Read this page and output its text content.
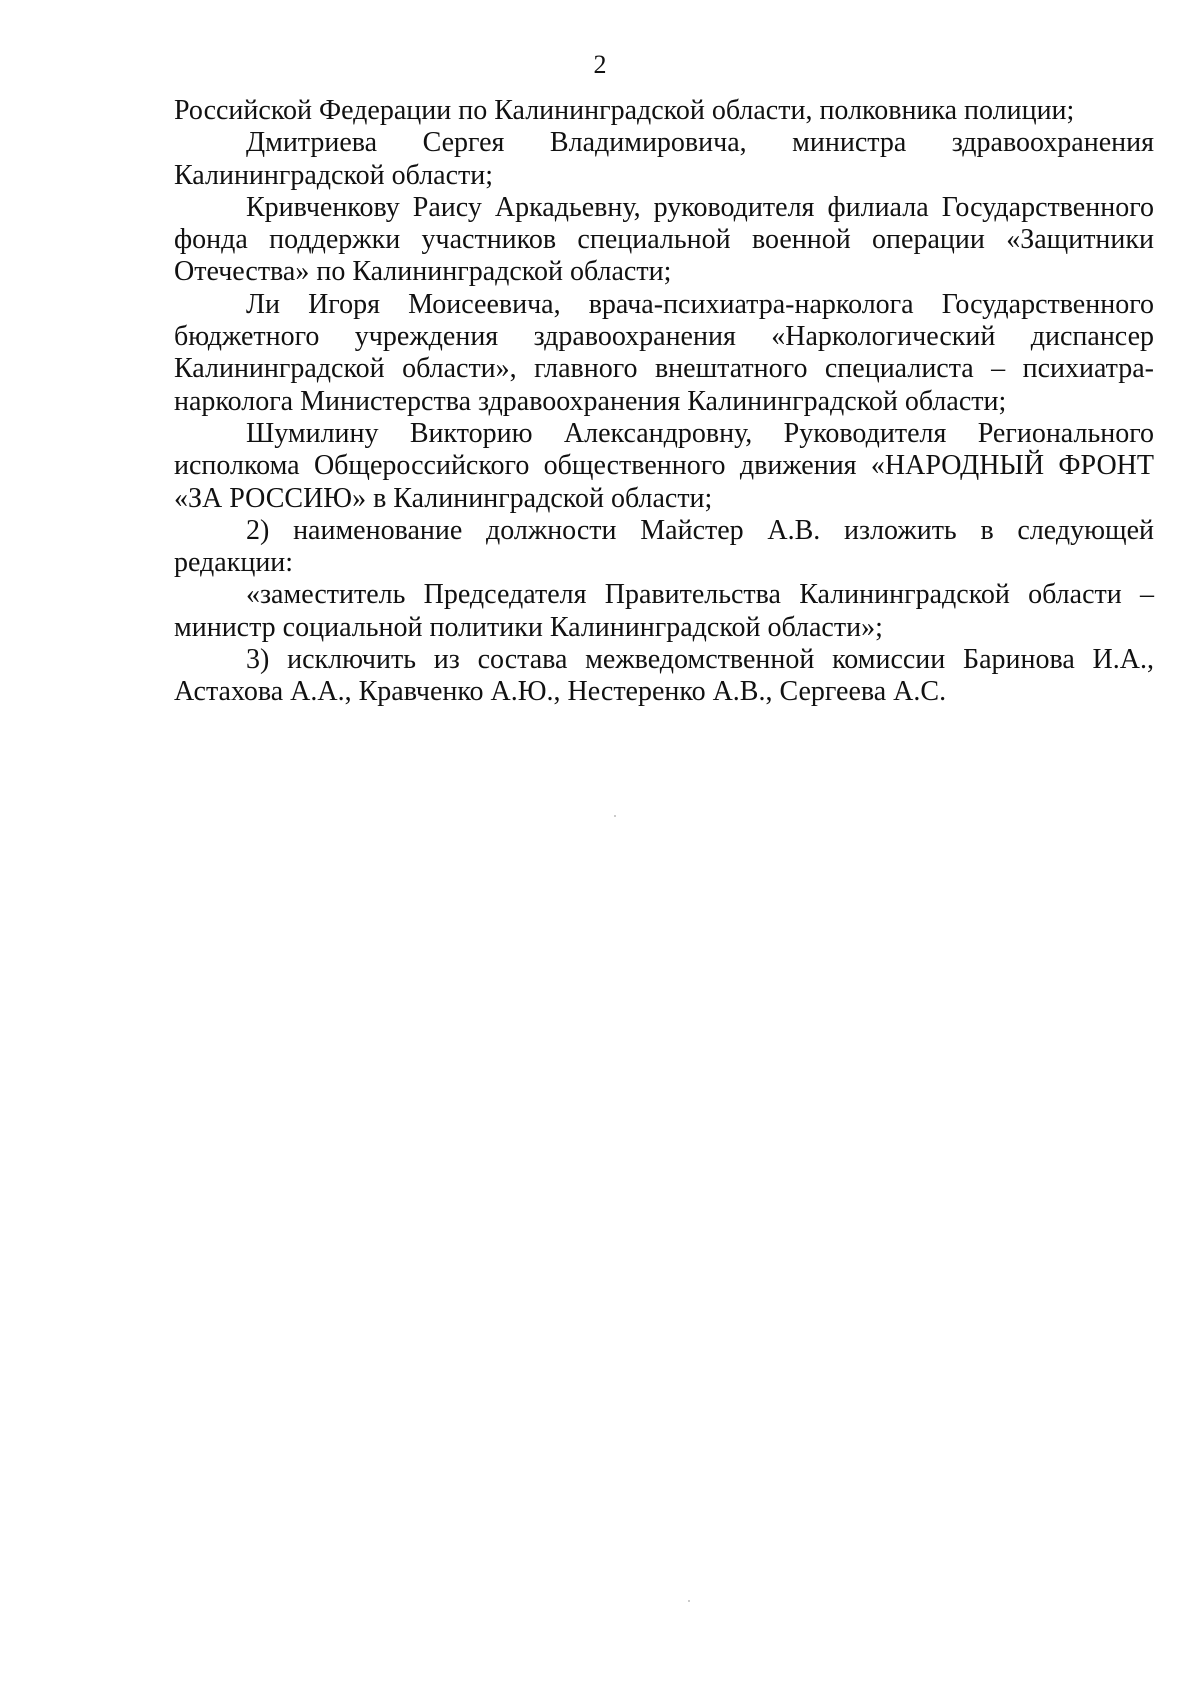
2

Российской Федерации по Калининградской области, полковника полиции;

Дмитриева Сергея Владимировича, министра здравоохранения Калининградской области;

Кривченкову Раису Аркадьевну, руководителя филиала Государственного фонда поддержки участников специальной военной операции «Защитники Отечества» по Калининградской области;

Ли Игоря Моисеевича, врача-психиатра-нарколога Государственного бюджетного учреждения здравоохранения «Наркологический диспансер Калининградской области», главного внештатного специалиста – психиатра-нарколога Министерства здравоохранения Калининградской области;

Шумилину Викторию Александровну, Руководителя Регионального исполкома Общероссийского общественного движения «НАРОДНЫЙ ФРОНТ «ЗА РОССИЮ» в Калининградской области;

2) наименование должности Майстер А.В. изложить в следующей редакции:

«заместитель Председателя Правительства Калининградской области – министр социальной политики Калининградской области»;

3) исключить из состава межведомственной комиссии Баринова И.А., Астахова А.А., Кравченко А.Ю., Нестеренко А.В., Сергеева А.С.
